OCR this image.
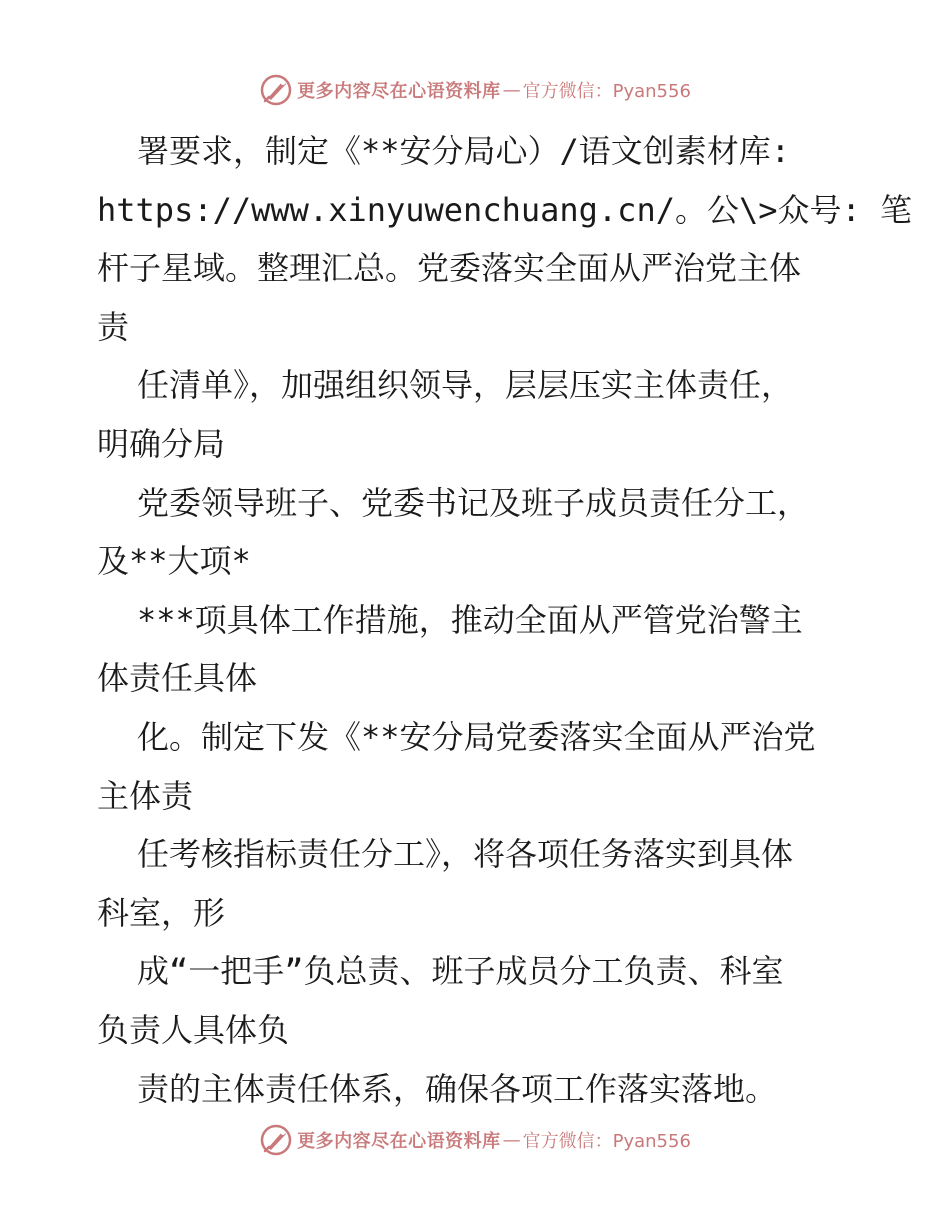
更多内容尽在心语资料库 — 官方微信：Pyan556
署要求，制定《**安分局心）/语文创素材库:
https://www.xinyuwenchuang.cn/。公\>众号: 笔
杆子星域。整理汇总。党委落实全面从严治党主体
责
任清单》，加强组织领导，层层压实主体责任，
明确分局
党委领导班子、党委书记及班子成员责任分工，
及**大项*
***项具体工作措施，推动全面从严管党治警主
体责任具体
化。制定下发《**安分局党委落实全面从严治党
主体责
任考核指标责任分工》，将各项任务落实到具体
科室，形
成“一把手”负总责、班子成员分工负责、科室
负责人具体负
责的主体责任体系，确保各项工作落实落地。
更多内容尽在心语资料库 — 官方微信：Pyan556
